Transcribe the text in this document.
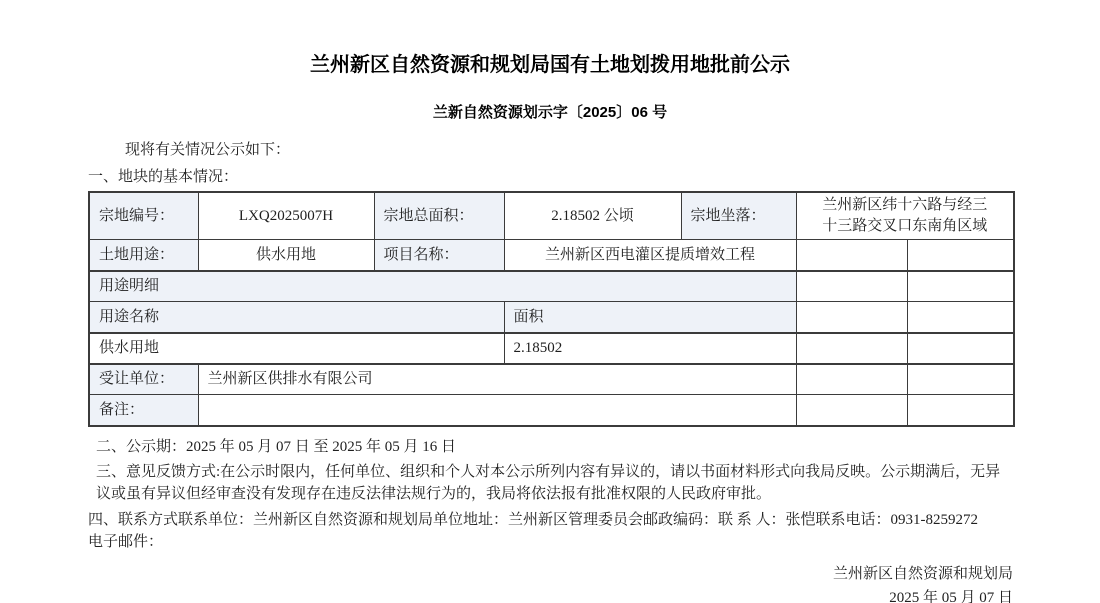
兰州新区自然资源和规划局国有土地划拨用地批前公示
兰新自然资源划示字〔2025〕06 号

现将有关情况公示如下：

一、地块的基本情况：

宗地编号：	LXQ2025007H	宗地总面积：	2.18502 公顷	宗地坐落：	兰州新区纬十六路与经三十三路交叉口东南角区域	

土地用途：	供水用地	项目名称：	兰州新区西电灌区提质增效工程			
用途明细						
用途名称			面积			
供水用地			2.18502			
受让单位：	兰州新区供排水有限公司					
备注：						

二、公示期：2025 年 05 月 07 日 至 2025 年 05 月 16 日

三、意见反馈方式:在公示时限内，任何单位、组织和个人对本公示所列内容有异议的，请以书面材料形式向我局反映。公示期满后，无异议或虽有异议但经审查没有发现存在违反法律法规行为的，我局将依法报有批准权限的人民政府审批。

四、联系方式联系单位：兰州新区自然资源和规划局单位地址：兰州新区管理委员会邮政编码：联 系 人：张恺联系电话：0931-8259272

电子邮件：

兰州新区自然资源和规划局

2025 年 05 月 07 日
